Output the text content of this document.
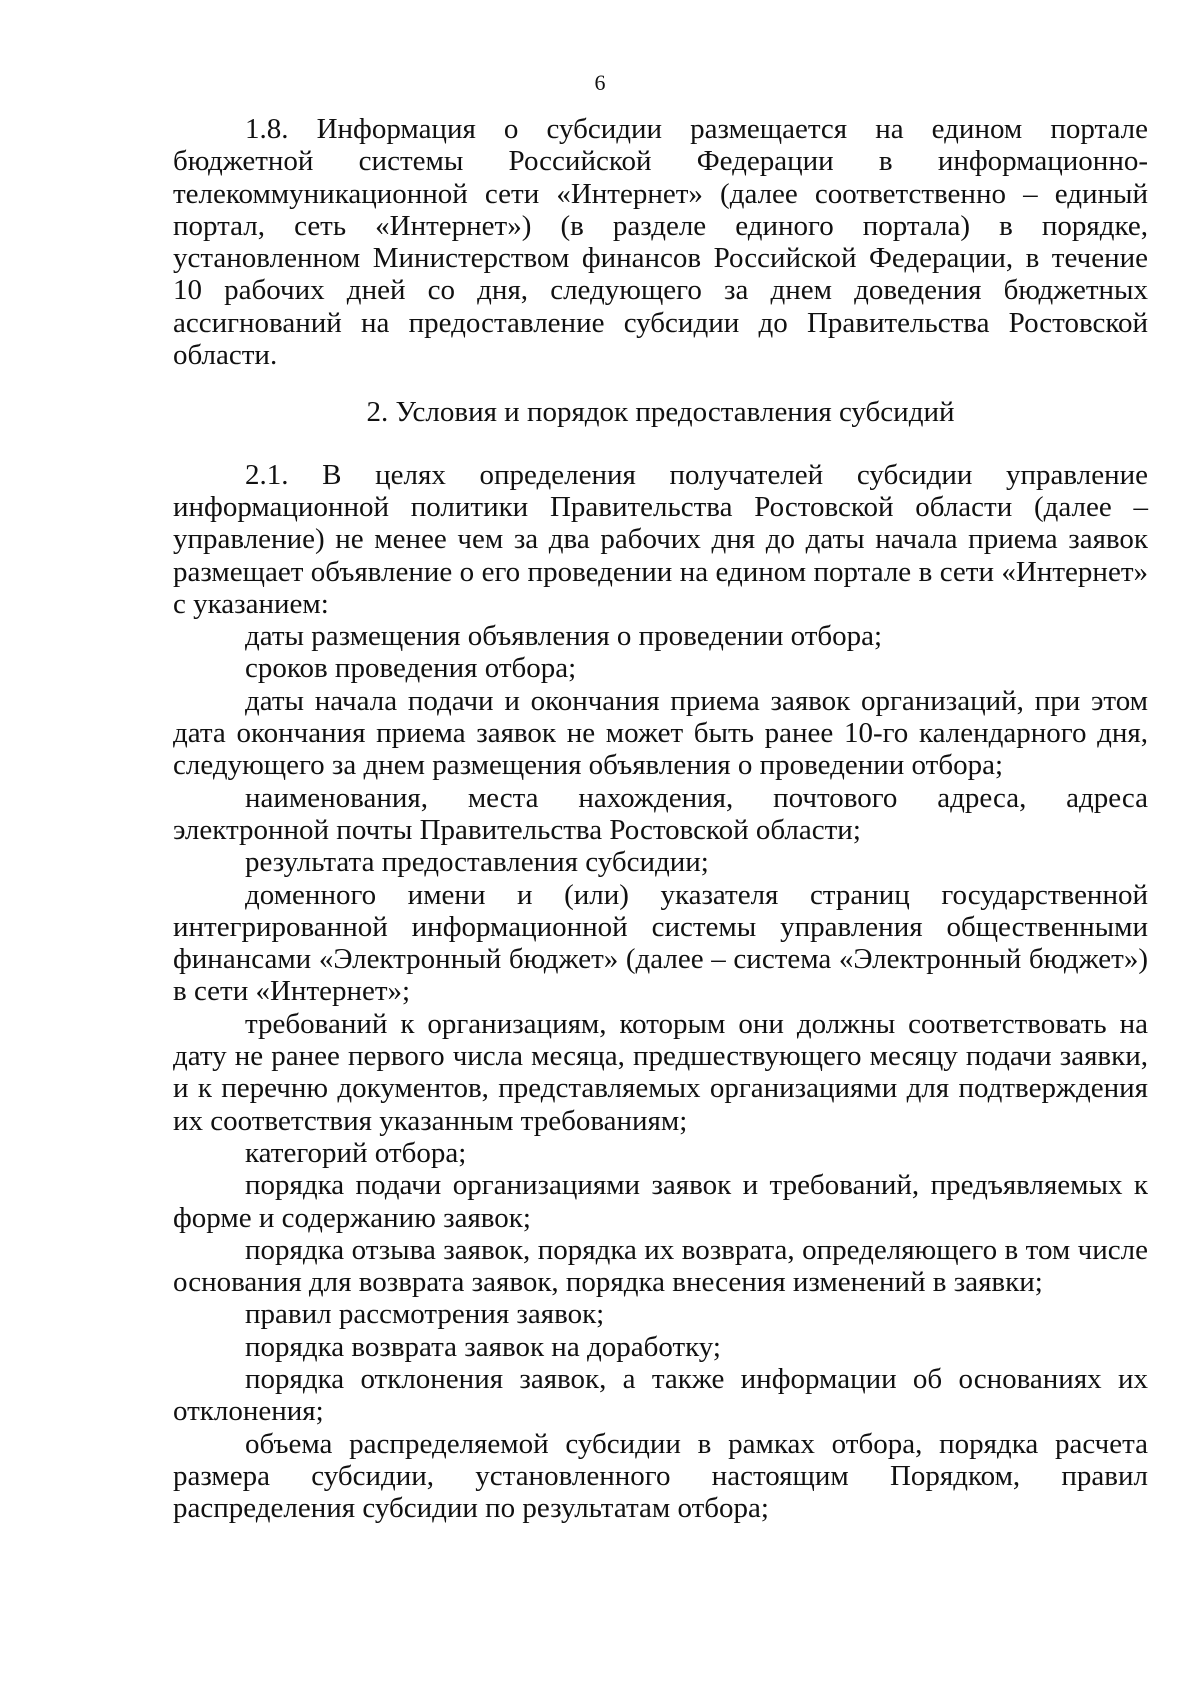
6

1.8. Информация о субсидии размещается на едином портале бюджетной системы Российской Федерации в информационно-телекоммуникационной сети «Интернет» (далее соответственно – единый портал, сеть «Интернет») (в разделе единого портала) в порядке, установленном Министерством финансов Российской Федерации, в течение 10 рабочих дней со дня, следующего за днем доведения бюджетных ассигнований на предоставление субсидии до Правительства Ростовской области.

2. Условия и порядок предоставления субсидий

2.1. В целях определения получателей субсидии управление информационной политики Правительства Ростовской области (далее – управление) не менее чем за два рабочих дня до даты начала приема заявок размещает объявление о его проведении на едином портале в сети «Интернет» с указанием:

даты размещения объявления о проведении отбора;

сроков проведения отбора;

даты начала подачи и окончания приема заявок организаций, при этом дата окончания приема заявок не может быть ранее 10-го календарного дня, следующего за днем размещения объявления о проведении отбора;

наименования, места нахождения, почтового адреса, адреса электронной почты Правительства Ростовской области;

результата предоставления субсидии;

доменного имени и (или) указателя страниц государственной интегрированной информационной системы управления общественными финансами «Электронный бюджет» (далее – система «Электронный бюджет») в сети «Интернет»;

требований к организациям, которым они должны соответствовать на дату не ранее первого числа месяца, предшествующего месяцу подачи заявки, и к перечню документов, представляемых организациями для подтверждения их соответствия указанным требованиям;

категорий отбора;

порядка подачи организациями заявок и требований, предъявляемых к форме и содержанию заявок;

порядка отзыва заявок, порядка их возврата, определяющего в том числе основания для возврата заявок, порядка внесения изменений в заявки;

правил рассмотрения заявок;

порядка возврата заявок на доработку;

порядка отклонения заявок, а также информации об основаниях их отклонения;

объема распределяемой субсидии в рамках отбора, порядка расчета размера субсидии, установленного настоящим Порядком, правил распределения субсидии по результатам отбора;
